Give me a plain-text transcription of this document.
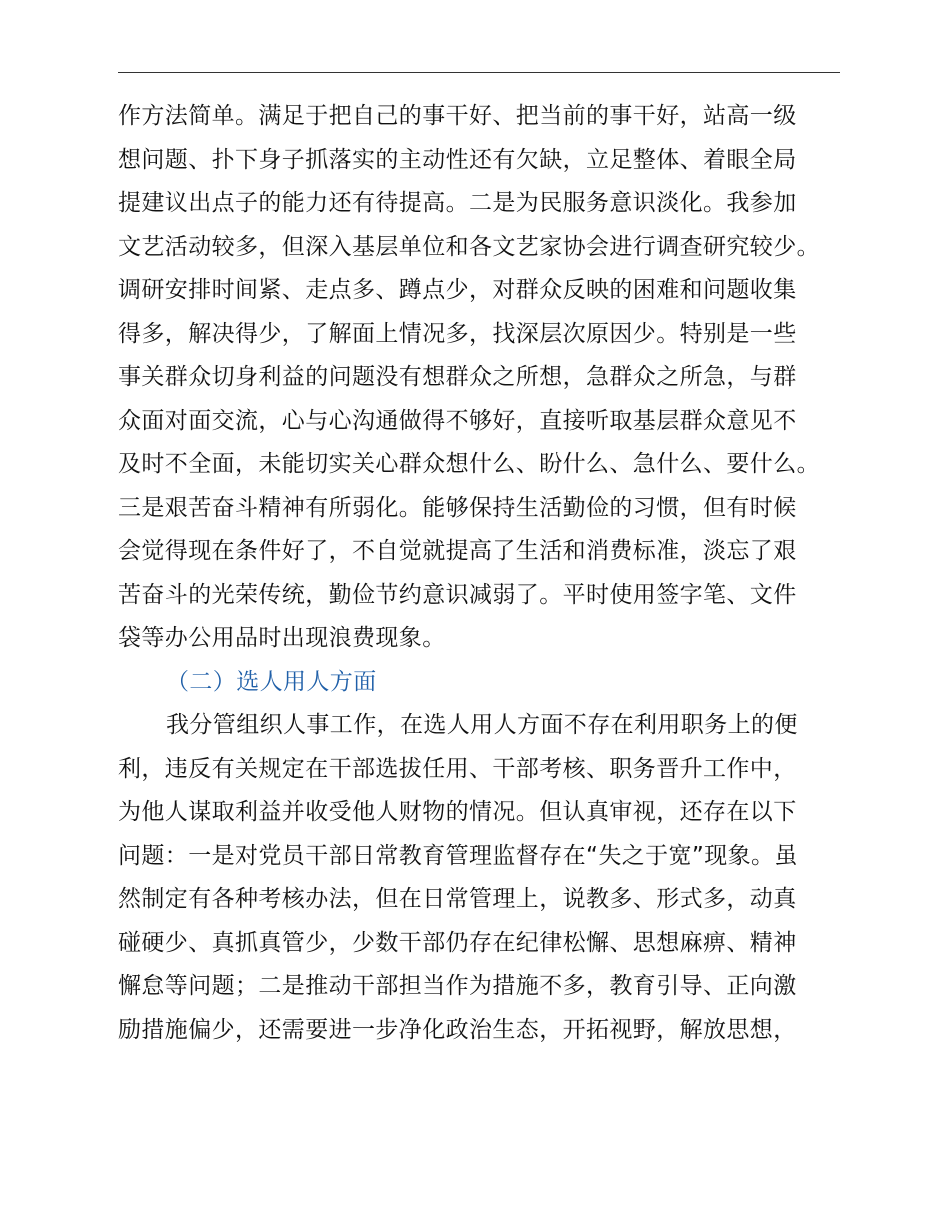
作方法简单。满足于把自己的事干好、把当前的事干好，站高一级
想问题、扑下身子抓落实的主动性还有欠缺，立足整体、着眼全局
提建议出点子的能力还有待提高。二是为民服务意识淡化。我参加
文艺活动较多，但深入基层单位和各文艺家协会进行调查研究较少。
调研安排时间紧、走点多、蹲点少，对群众反映的困难和问题收集
得多，解决得少，了解面上情况多，找深层次原因少。特别是一些
事关群众切身利益的问题没有想群众之所想，急群众之所急，与群
众面对面交流，心与心沟通做得不够好，直接听取基层群众意见不
及时不全面，未能切实关心群众想什么、盼什么、急什么、要什么。
三是艰苦奋斗精神有所弱化。能够保持生活勤俭的习惯，但有时候
会觉得现在条件好了，不自觉就提高了生活和消费标准，淡忘了艰
苦奋斗的光荣传统，勤俭节约意识减弱了。平时使用签字笔、文件
袋等办公用品时出现浪费现象。
（二）选人用人方面
我分管组织人事工作，在选人用人方面不存在利用职务上的便
利，违反有关规定在干部选拔任用、干部考核、职务晋升工作中，
为他人谋取利益并收受他人财物的情况。但认真审视，还存在以下
问题：一是对党员干部日常教育管理监督存在“失之于宽”现象。虽
然制定有各种考核办法，但在日常管理上，说教多、形式多，动真
碰硬少、真抓真管少，少数干部仍存在纪律松懈、思想麻痹、精神
懈怠等问题；二是推动干部担当作为措施不多，教育引导、正向激
励措施偏少，还需要进一步净化政治生态，开拓视野，解放思想，
